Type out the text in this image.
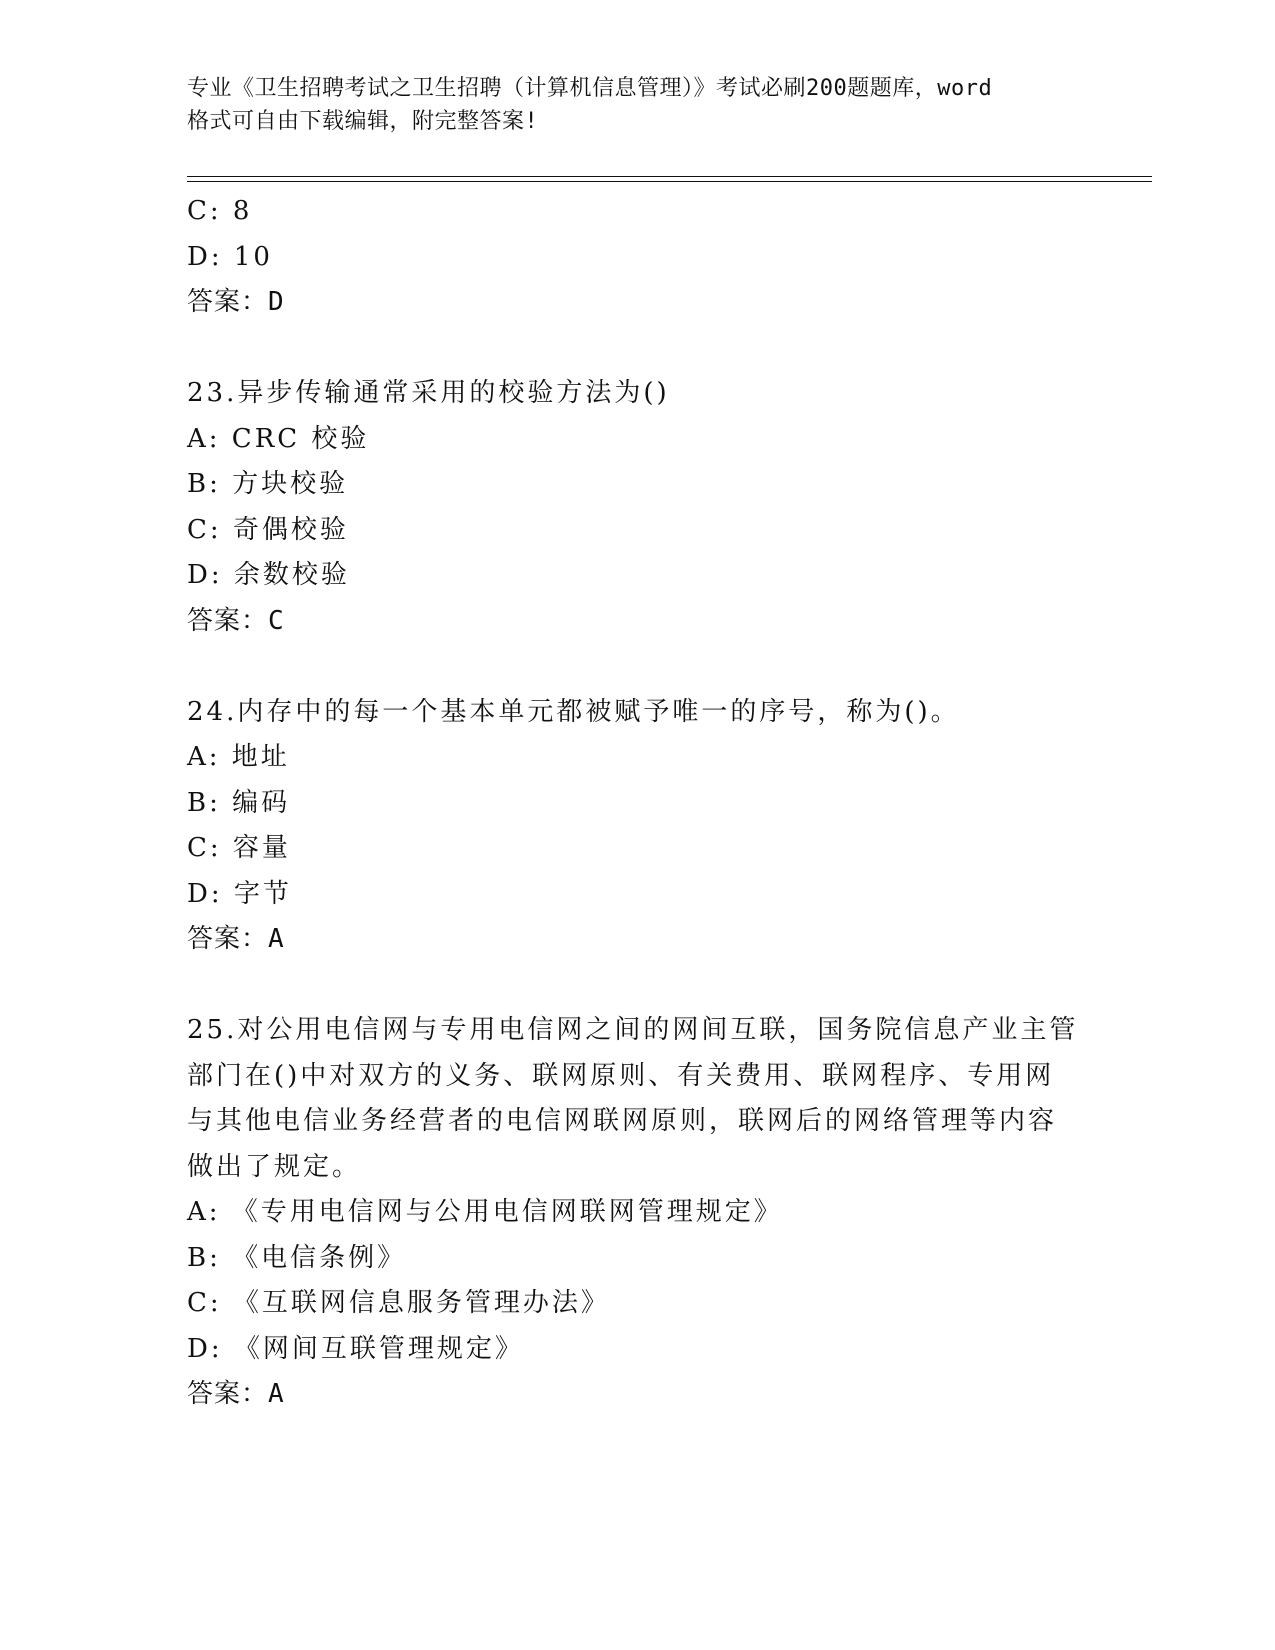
专业《卫生招聘考试之卫生招聘（计算机信息管理）》考试必刷200题题库，word
格式可自由下载编辑，附完整答案!
C: 8
D: 10
答案：D
23.异步传输通常采用的校验方法为()
A: CRC 校验
B: 方块校验
C: 奇偶校验
D: 余数校验
答案：C
24.内存中的每一个基本单元都被赋予唯一的序号，称为()。
A: 地址
B: 编码
C: 容量
D: 字节
答案：A
25.对公用电信网与专用电信网之间的网间互联，国务院信息产业主管
部门在()中对双方的义务、联网原则、有关费用、联网程序、专用网
与其他电信业务经营者的电信网联网原则，联网后的网络管理等内容
做出了规定。
A: 《专用电信网与公用电信网联网管理规定》
B: 《电信条例》
C: 《互联网信息服务管理办法》
D: 《网间互联管理规定》
答案：A
